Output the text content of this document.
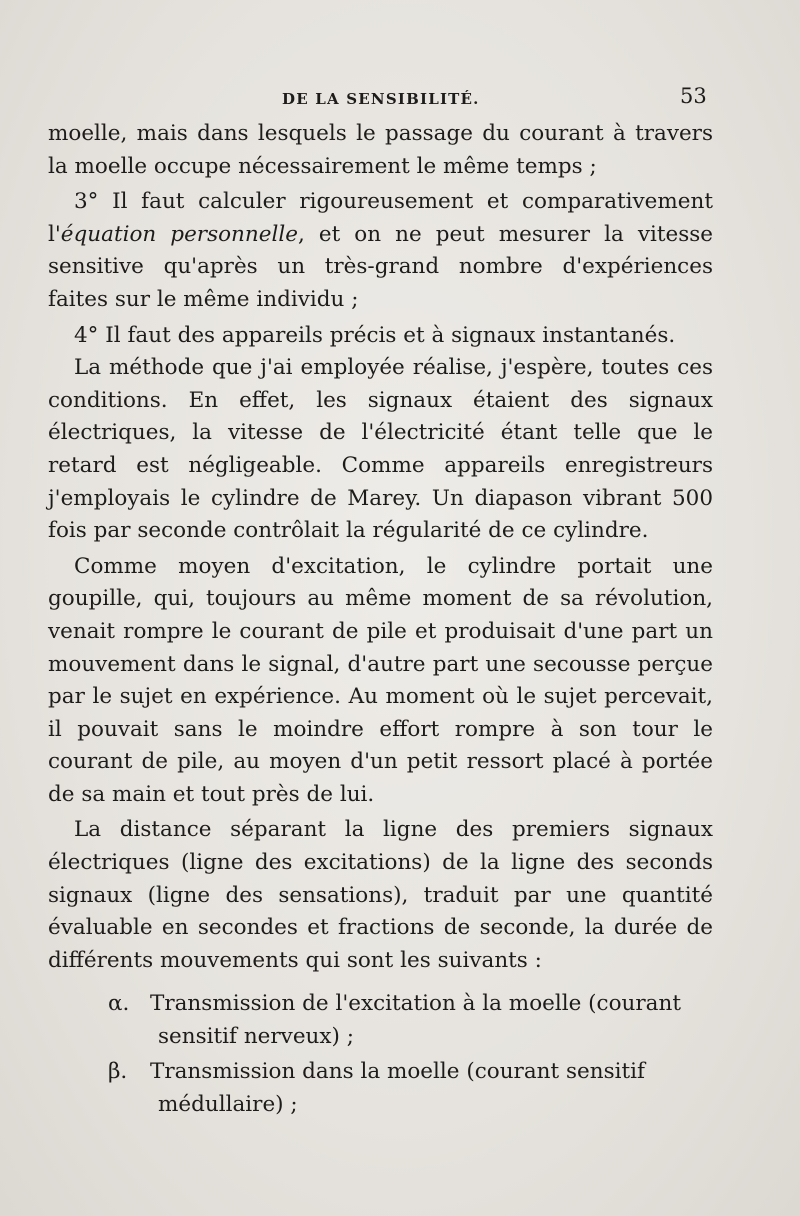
DE LA SENSIBILITÉ.	53

moelle, mais dans lesquels le passage du courant à travers la moelle occupe nécessairement le même temps ;

3° Il faut calculer rigoureusement et comparativement l'équation personnelle, et on ne peut mesurer la vitesse sensitive qu'après un très-grand nombre d'expériences faites sur le même individu ;

4° Il faut des appareils précis et à signaux instantanés.

La méthode que j'ai employée réalise, j'espère, toutes ces conditions. En effet, les signaux étaient des signaux électriques, la vitesse de l'électricité étant telle que le retard est négligeable. Comme appareils enregistreurs j'employais le cylindre de Marey. Un diapason vibrant 500 fois par seconde contrôlait la régularité de ce cylindre.

Comme moyen d'excitation, le cylindre portait une goupille, qui, toujours au même moment de sa révolution, venait rompre le courant de pile et produisait d'une part un mouvement dans le signal, d'autre part une secousse perçue par le sujet en expérience. Au moment où le sujet percevait, il pouvait sans le moindre effort rompre à son tour le courant de pile, au moyen d'un petit ressort placé à portée de sa main et tout près de lui.

La distance séparant la ligne des premiers signaux électriques (ligne des excitations) de la ligne des seconds signaux (ligne des sensations), traduit par une quantité évaluable en secondes et fractions de seconde, la durée de différents mouvements qui sont les suivants :

α. Transmission de l'excitation à la moelle (courant
sensitif nerveux) ;
β.	Transmission dans la moelle (courant sensitif
médullaire) ;
